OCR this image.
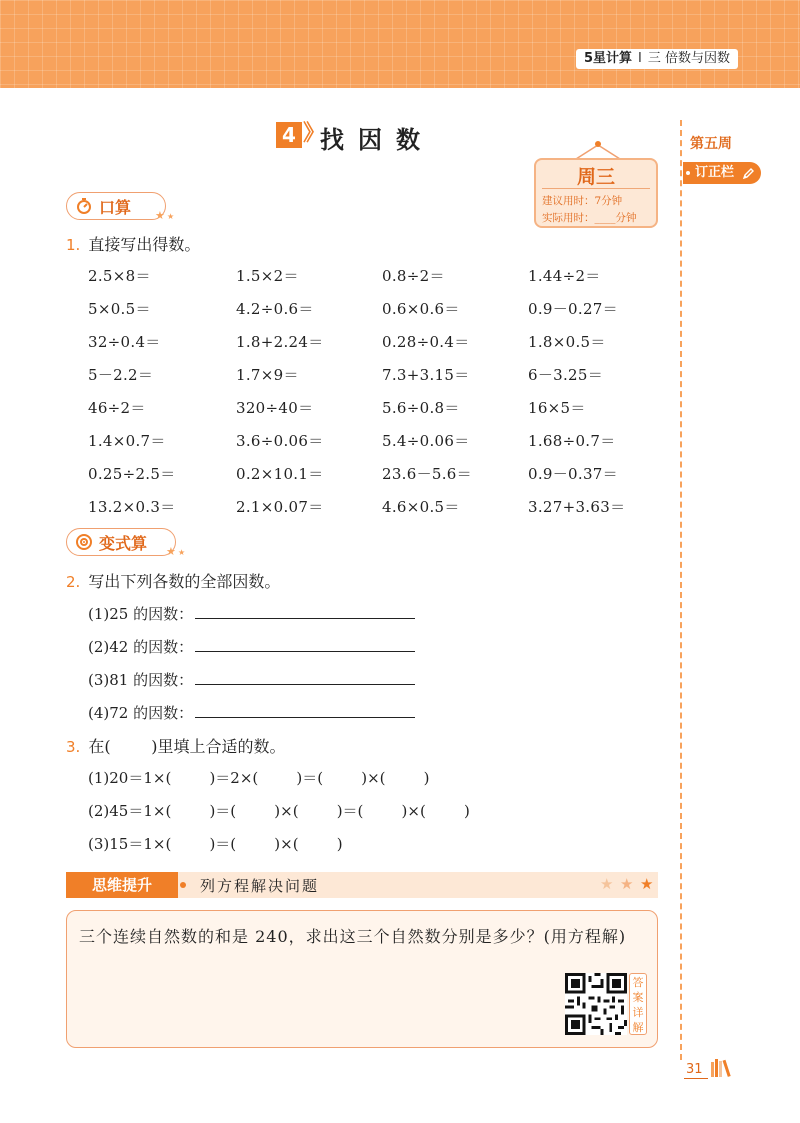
5星计算 I 三 倍数与因数
第五周
订正栏
4 》
找因数
周三
建议用时：7分钟
实际用时：____分钟
口算 ★ ★
1. 直接写出得数。
2.5×8＝	1.5×2＝	0.8÷2＝	1.44÷2＝
5×0.5＝	4.2÷0.6＝	0.6×0.6＝	0.9－0.27＝
32÷0.4＝	1.8+2.24＝	0.28÷0.4＝	1.8×0.5＝
5－2.2＝	1.7×9＝	7.3+3.15＝	6－3.25＝
46÷2＝	320÷40＝	5.6÷0.8＝	16×5＝
1.4×0.7＝	3.6÷0.06＝	5.4÷0.06＝	1.68÷0.7＝
0.25÷2.5＝	0.2×10.1＝	23.6－5.6＝	0.9－0.37＝
13.2×0.3＝	2.1×0.07＝	4.6×0.5＝	3.27+3.63＝
变式算 ★ ★
2. 写出下列各数的全部因数。
(1)25 的因数：
(2)42 的因数：
(3)81 的因数：
(4)72 的因数：
3. 在(        )里填上合适的数。
(1)20＝1×(        )＝2×(        )＝(        )×(        )
(2)45＝1×(        )＝(        )×(        )＝(        )×(        )
(3)15＝1×(        )＝(        )×(        )
思维提升	列方程解决问题	★ ★ ★
三个连续自然数的和是 240，求出这三个自然数分别是多少？(用方程解)
答案详解
31
